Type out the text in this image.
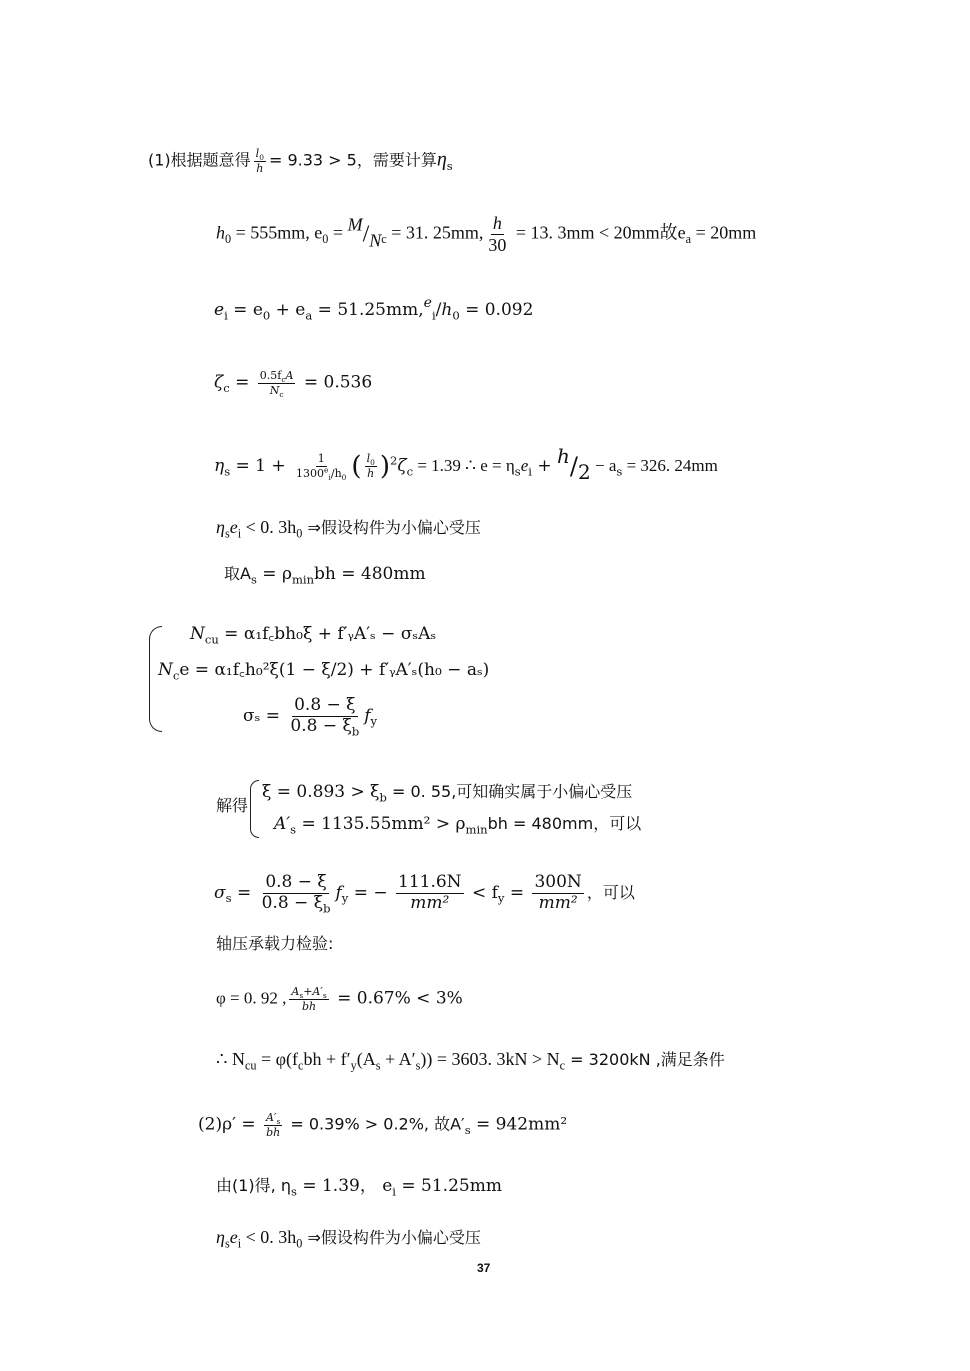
(1)根据题意得 $\frac{l_0}{h} = 9.33 > 5$，需要计算$\eta_s$
$h_0 = 555mm$, $e_0 = M/N_c = 31$. 25mm, $\frac{h}{30} = 13$. 3mm < 20mm故$e_a = 20mm$
$e_i = e_0 + e_a = 51.25mm,^e_i/h_0 = 0.092$
$\zeta_c = \frac{0.5f_cA}{N_c} = 0.536$
$\eta_s = 1 + \frac{1}{1300^e_i/h_0}$ ( $\frac{l_0}{h} )^2\zeta_c = 1.39$ ∴ $e = \eta_se_i + h/2 - a_s = 326$. 24mm
$\eta_se_i < 0$. $3h_0$ ⇒假设构件为小偏心受压
取$A_s = \rho_{min}bh = 480mm$
$N_{cu}$ = α₁f꜀bh₀ξ + f′ᵧA′ₛ − σₛAₛ
$N_ce$ = α₁f꜀h₀²ξ(1 − ξ/2) + f′ᵧA′ₛ(h₀ − aₛ)
$\sigma_s = \frac{0.8 - \xi}{0.8 - \xi_b} f_y$
解得
$\xi = 0.893 > \xi_b = 0$. 55,可知确实属于小偏心受压
$A'_s = 1135.55mm^2 > \rho_{min}bh = 480mm$，可以
$\sigma_s = \frac{0.8 - \xi}{0.8 - \xi_b} f_y$ = − $\frac{111.6N}{\text{mm²}} < f_y = \frac{300N}{\text{mm²}}$ ，可以
轴压承载力检验:
φ = 0. 92 , $\frac{A_s+A'_s}{bh} = 0.67\% < 3\%$
∴ $N_{cu} = \varphi(f_cbh + f'_y(A_s + A'_s)) = 3603$. $3kN > N_c = 3200kN$ ,满足条件
$(2)\rho' = \frac{A'_s}{bh} = 0.39\% > 0.2\%$, 故$A'_s = 942mm^2$
由(1)得, $\eta_s = 1.39$， $e_i = 51.25mm$
$\eta_se_i < 0$. $3h_0$ ⇒假设构件为小偏心受压
37
